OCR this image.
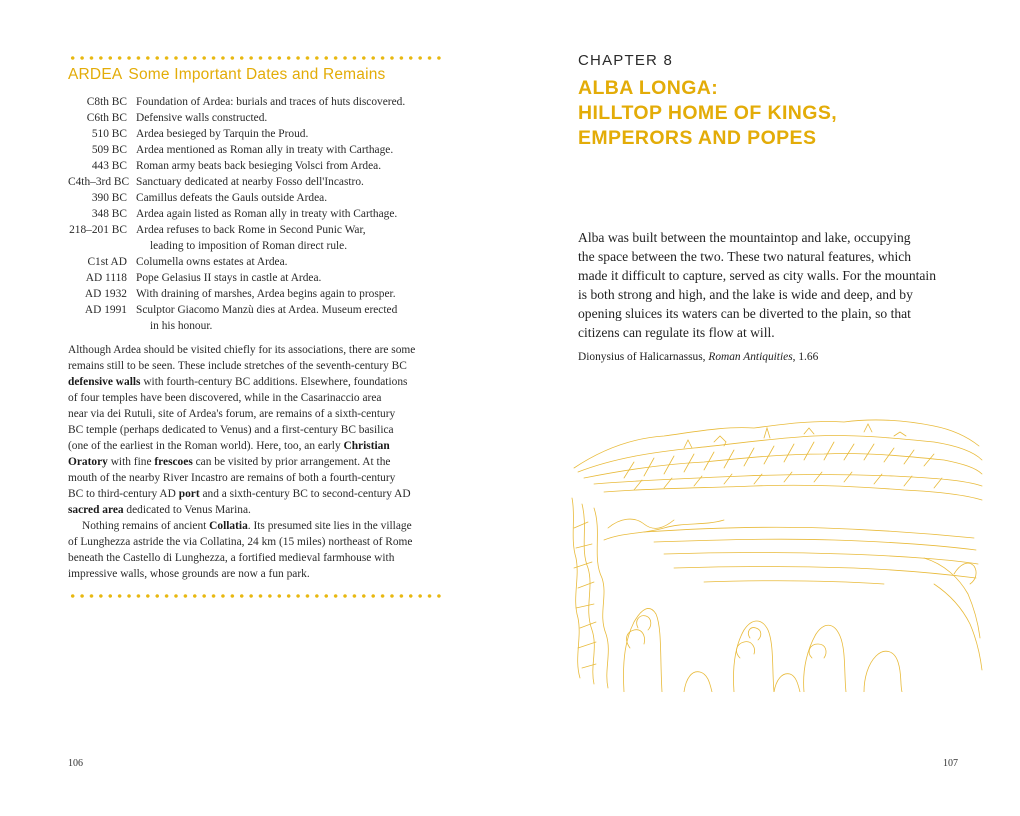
ARDEA Some Important Dates and Remains
C8th BC Foundation of Ardea: burials and traces of huts discovered.
C6th BC Defensive walls constructed.
510 BC Ardea besieged by Tarquin the Proud.
509 BC Ardea mentioned as Roman ally in treaty with Carthage.
443 BC Roman army beats back besieging Volsci from Ardea.
C4th–3rd BC Sanctuary dedicated at nearby Fosso dell'Incastro.
390 BC Camillus defeats the Gauls outside Ardea.
348 BC Ardea again listed as Roman ally in treaty with Carthage.
218–201 BC Ardea refuses to back Rome in Second Punic War,
leading to imposition of Roman direct rule.
C1st AD Columella owns estates at Ardea.
AD 1118 Pope Gelasius II stays in castle at Ardea.
AD 1932 With draining of marshes, Ardea begins again to prosper.
AD 1991 Sculptor Giacomo Manzù dies at Ardea. Museum erected
in his honour.
Although Ardea should be visited chiefly for its associations, there are some
remains still to be seen. These include stretches of the seventh-century BC
defensive walls with fourth-century BC additions. Elsewhere, foundations
of four temples have been discovered, while in the Casarinaccio area
near via dei Rutuli, site of Ardea's forum, are remains of a sixth-century
BC temple (perhaps dedicated to Venus) and a first-century BC basilica
(one of the earliest in the Roman world). Here, too, an early Christian
Oratory with fine frescoes can be visited by prior arrangement. At the
mouth of the nearby River Incastro are remains of both a fourth-century
BC to third-century AD port and a sixth-century BC to second-century AD
sacred area dedicated to Venus Marina.
Nothing remains of ancient Collatia. Its presumed site lies in the village
of Lunghezza astride the via Collatina, 24 km (15 miles) northeast of Rome
beneath the Castello di Lunghezza, a fortified medieval farmhouse with
impressive walls, whose grounds are now a fun park.
106
CHAPTER 8
ALBA LONGA:
HILLTOP HOME OF KINGS,
EMPERORS AND POPES
Alba was built between the mountaintop and lake, occupying
the space between the two. These two natural features, which
made it difficult to capture, served as city walls. For the mountain
is both strong and high, and the lake is wide and deep, and by
opening sluices its waters can be diverted to the plain, so that
citizens can regulate its flow at will.
Dionysius of Halicarnassus, Roman Antiquities, 1.66
107
